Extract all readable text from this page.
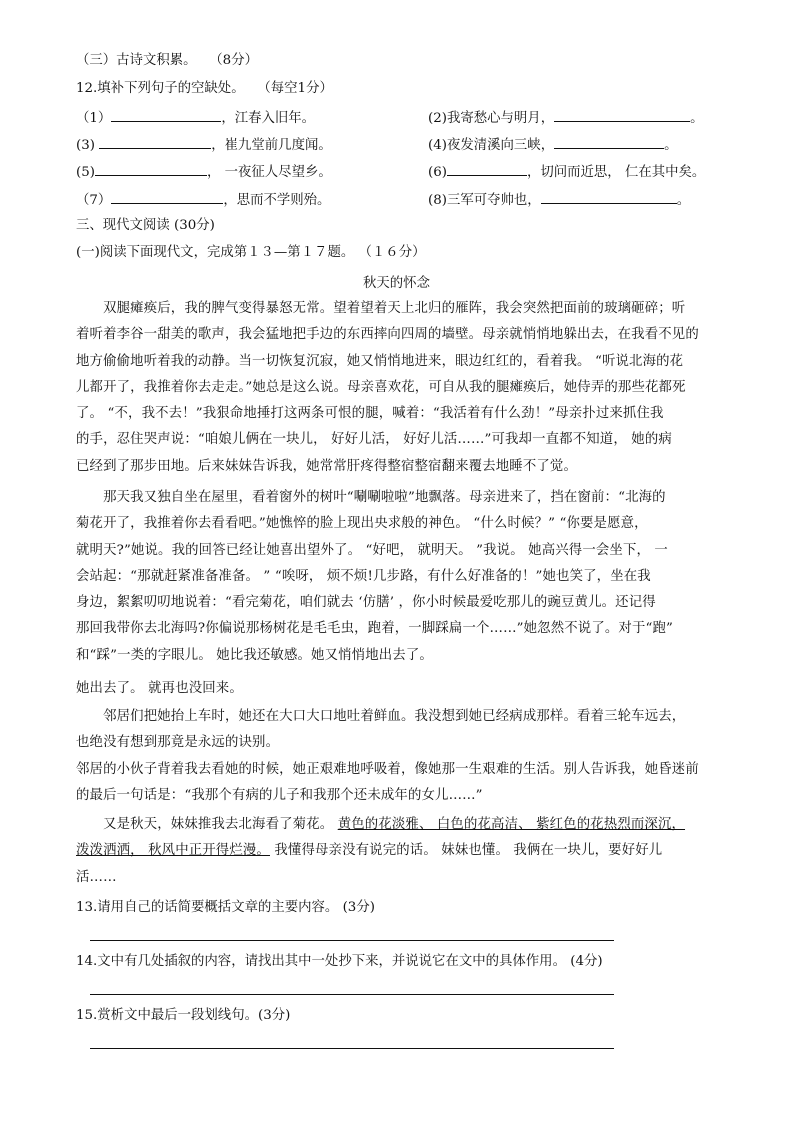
（三）古诗文积累。 （8分）
12.填补下列句子的空缺处。 （每空1分）
（1）	，江春入旧年。	(2)我寄愁心与明月，	。
(3)	，崔九堂前几度闻。	(4)夜发清溪向三峡，	。
(5)	， 一夜征人尽望乡。	(6)	，切问而近思， 仁在其中矣。
（7）	，思而不学则殆。	(8)三军可夺帅也，	。
三、现代文阅读 (30分)
(一)阅读下面现代文，完成第１３—第１７题。 （１６分）
秋天的怀念
　　双腿瘫痪后，我的脾气变得暴怒无常。望着望着天上北归的雁阵，我会突然把面前的玻璃砸碎；听
着听着李谷一甜美的歌声，我会猛地把手边的东西摔向四周的墙壁。母亲就悄悄地躲出去，在我看不见的
地方偷偷地听着我的动静。当一切恢复沉寂，她又悄悄地进来，眼边红红的，看着我。 “听说北海的花
儿都开了，我推着你去走走。”她总是这么说。母亲喜欢花，可自从我的腿瘫痪后，她侍弄的那些花都死
了。 “不，我不去！”我狠命地捶打这两条可恨的腿，喊着：“我活着有什么劲！”母亲扑过来抓住我
的手，忍住哭声说：“咱娘儿俩在一块儿， 好好儿活， 好好儿活……”可我却一直都不知道， 她的病
已经到了那步田地。后来妹妹告诉我，她常常肝疼得整宿整宿翻来覆去地睡不了觉。
　　那天我又独自坐在屋里，看着窗外的树叶“唰唰啦啦”地飘落。母亲进来了，挡在窗前：“北海的
菊花开了，我推着你去看看吧。”她憔悴的脸上现出央求般的神色。 “什么时候？” “你要是愿意，
就明天?”她说。我的回答已经让她喜出望外了。 “好吧， 就明天。 ”我说。 她高兴得一会坐下， 一
会站起：“那就赶紧准备准备。 ” “唉呀， 烦不烦!几步路，有什么好准备的！”她也笑了，坐在我
身边，絮絮叨叨地说着：“看完菊花，咱们就去 ‘仿膳’ ，你小时候最爱吃那儿的豌豆黄儿。还记得
那回我带你去北海吗?你偏说那杨树花是毛毛虫，跑着，一脚踩扁一个……”她忽然不说了。对于“跑”
和“踩”一类的字眼儿。 她比我还敏感。她又悄悄地出去了。
她出去了。 就再也没回来。
　　邻居们把她抬上车时，她还在大口大口地吐着鲜血。我没想到她已经病成那样。看着三轮车远去，
也绝没有想到那竟是永远的诀别。
邻居的小伙子背着我去看她的时候，她正艰难地呼吸着，像她那一生艰难的生活。别人告诉我，她昏迷前
的最后一句话是：“我那个有病的儿子和我那个还未成年的女儿……”
　　又是秋天，妹妹推我去北海看了菊花。 黄色的花淡雅、 白色的花高洁、 紫红色的花热烈而深沉，
泼泼洒洒， 秋风中正开得烂漫。 我懂得母亲没有说完的话。 妹妹也懂。 我俩在一块儿，要好好儿
活……
13.请用自己的话简要概括文章的主要内容。 (3分)
14.文中有几处插叙的内容，请找出其中一处抄下来，并说说它在文中的具体作用。 (4分)
15.赏析文中最后一段划线句。(3分)
